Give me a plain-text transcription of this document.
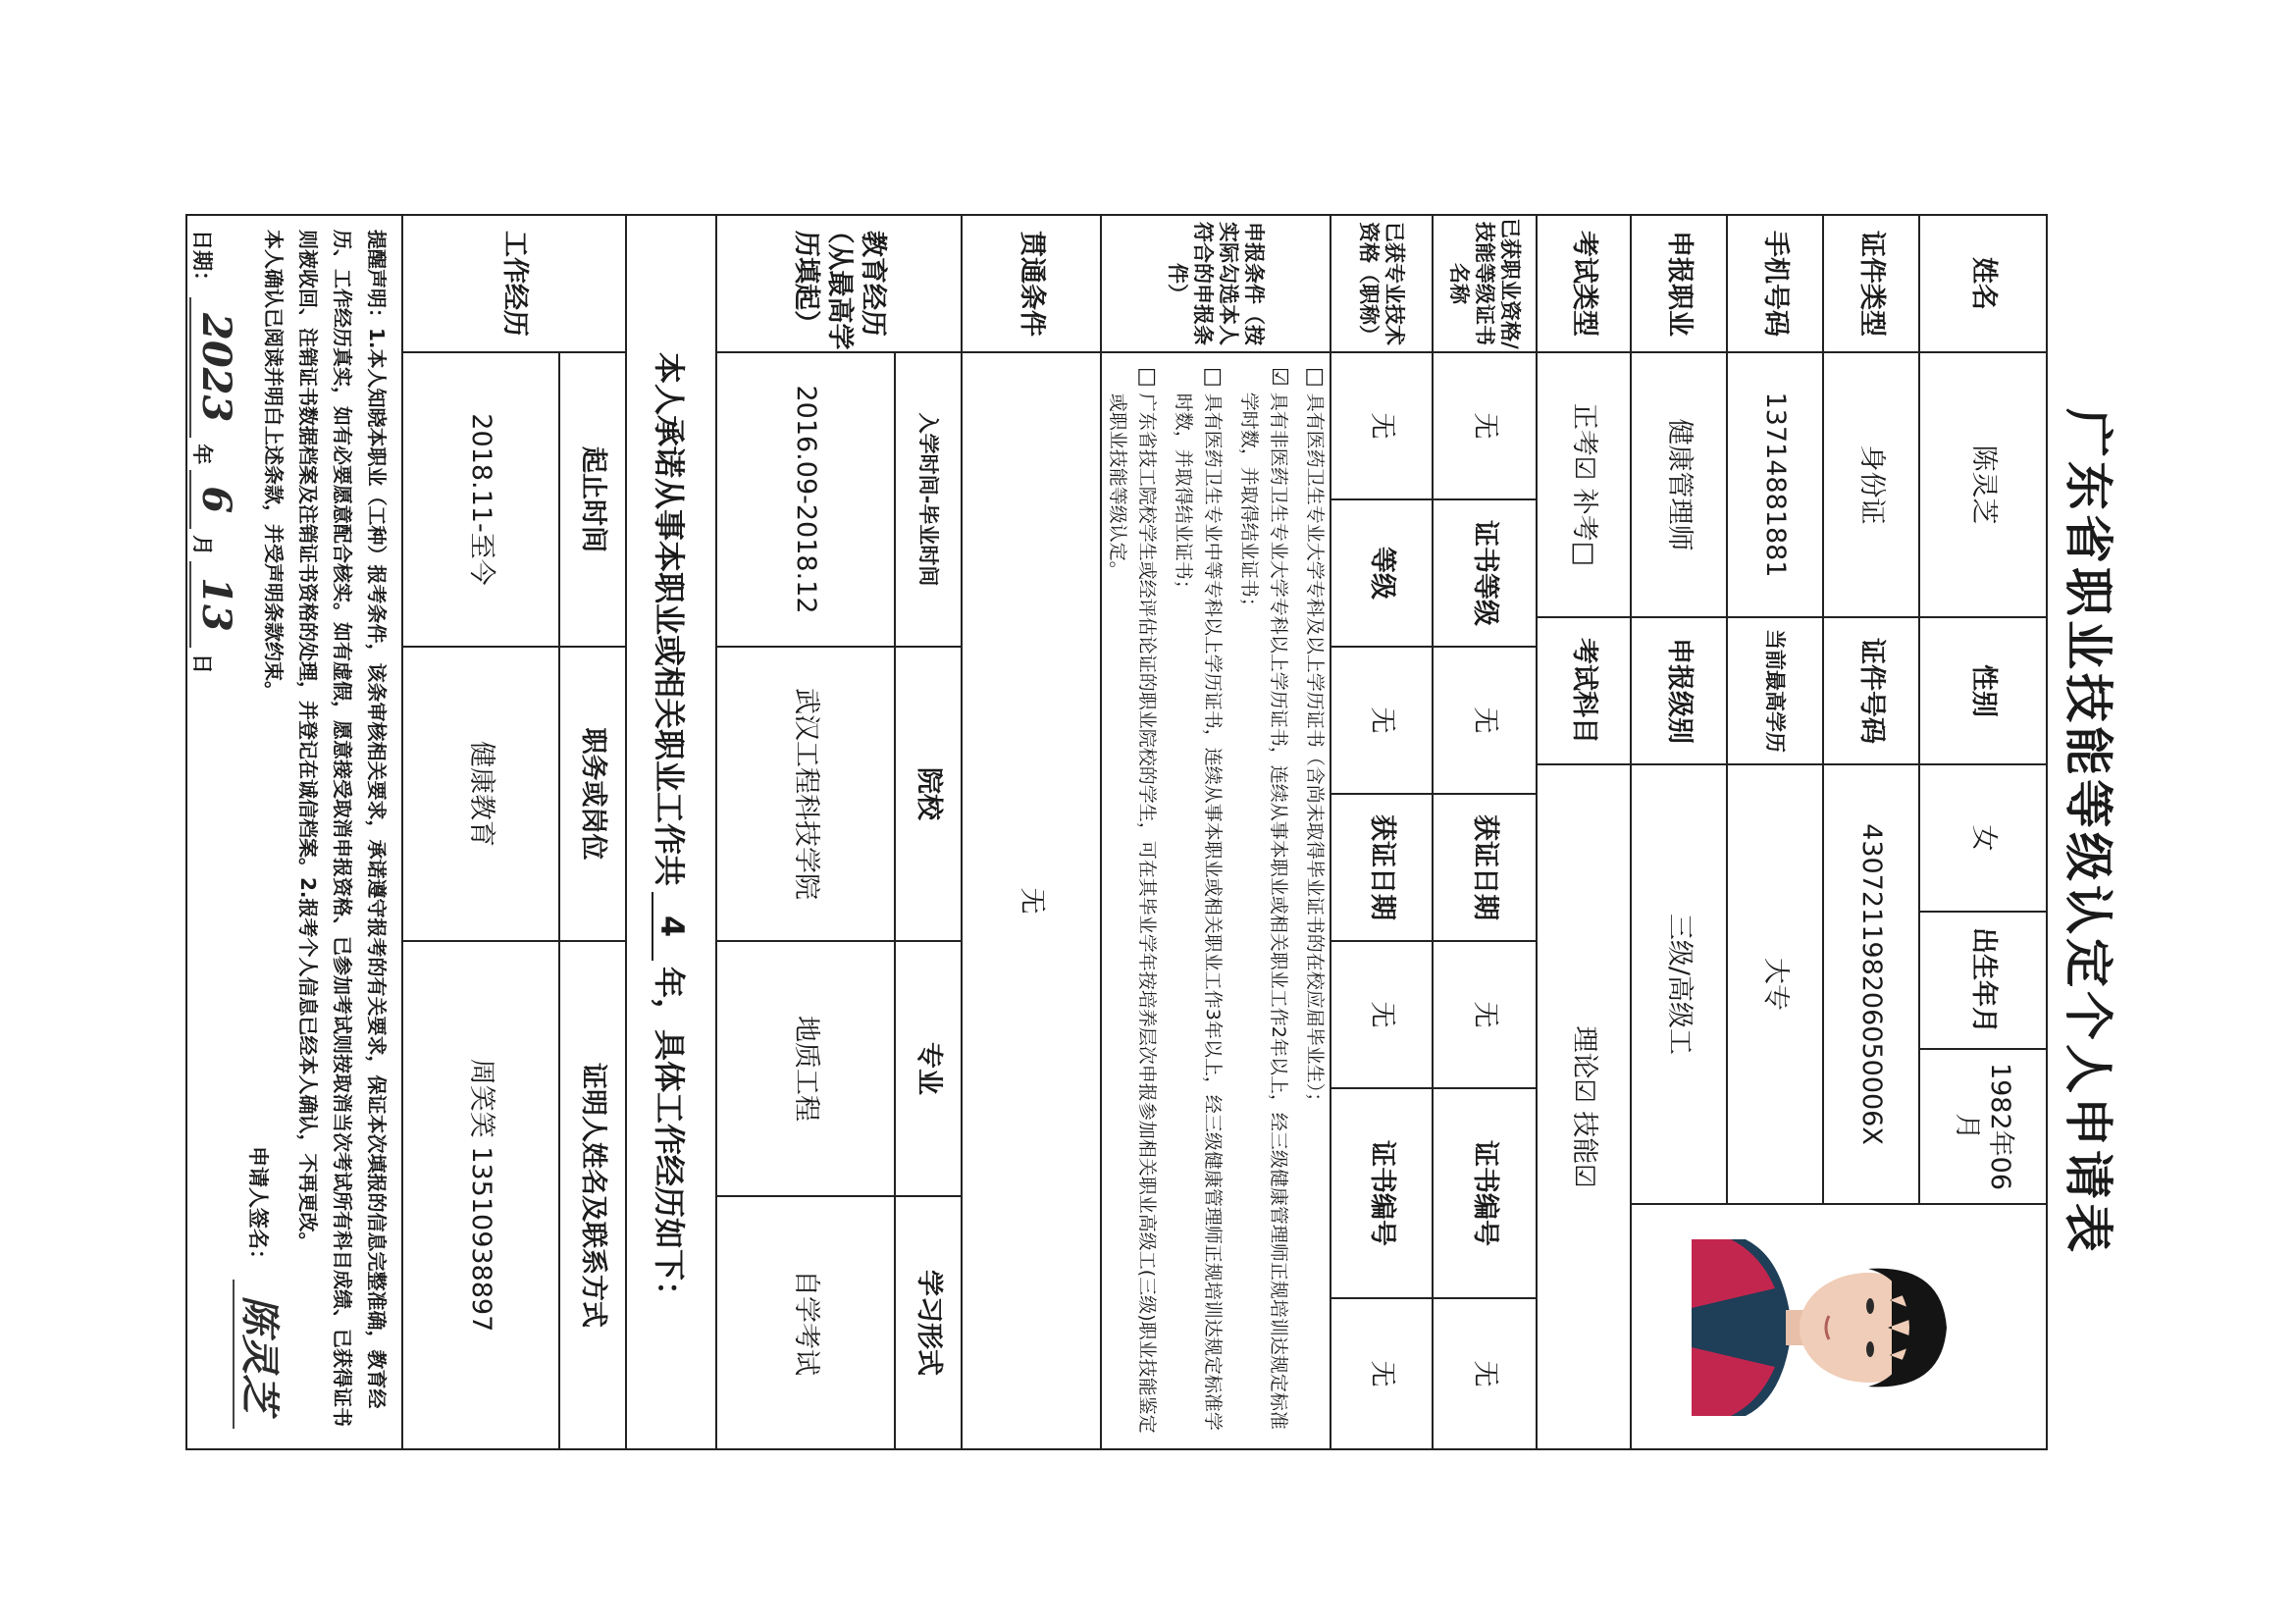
广东省职业技能等级认定个人申请表
姓名
陈灵芝
性别
女
出生年月
1982年06月
证件类型
身份证
证件号码
430721198206050006X
手机号码
13714881881
当前最高学历
大专
申报职业
健康管理师
申报级别
三级/高级工
考试类型
正考☑ 补考□
考试科目
理论☑ 技能☑
已获职业资格/技能等级证书名称
无
证书等级
无
获证日期
无
证书编号
无
已获专业技术资格（职称）
无
等级
无
获证日期
无
证书编号
无
申报条件（按实际勾选本人符合的申报条件）
□
具有医药卫生专业大学专科及以上学历证书（含尚未取得毕业证书的在校应届毕业生）；
☑
具有非医药卫生专业大学专科以上学历证书，连续从事本职业或相关职业工作2年以上，经三级健康管理师正规培训达规定标准学时数，并取得结业证书；
□
具有医药卫生专业中等专科以上学历证书，连续从事本职业或相关职业工作3年以上，经三级健康管理师正规培训达规定标准学时数，并取得结业证书；
□
广东省技工院校学生或经评估论证的职业院校的学生，可在其毕业学年按培养层次申报参加相关职业高级工(三级)职业技能鉴定或职业技能等级认定。
贯通条件
无
教育经历（从最高学历填起）
入学时间-毕业时间
院校
专业
学习形式
2016.09-2018.12
武汉工程科技学院
地质工程
自学考试
本人承诺从事本职业或相关职业工作共
4
年，具体工作经历如下：
工作经历
起止时间
职务或岗位
证明人姓名及联系方式
2018.11-至今
健康教育
周笑笑 13510938897
提醒声明：1.本人知晓本职业（工种）报考条件，该条审核相关要求，承诺遵守报考的有关要求，保证本次填报的信息完整准确，教育经历、工作经历真实，如有必要愿意配合核实。如有虚假，愿意接受取消申报资格、已参加考试则按取消当次考试所有科目成绩、已获得证书则被收回、注销证书数据档案及注销证书资格的处理，并登记在诚信档案。2.报考个人信息已经本人确认，不再更改。
本人确认已阅读并明白上述条款，并受声明条款约束。
申请人签名：
陈灵芝
日期：
2023
年
6
月
13
日
